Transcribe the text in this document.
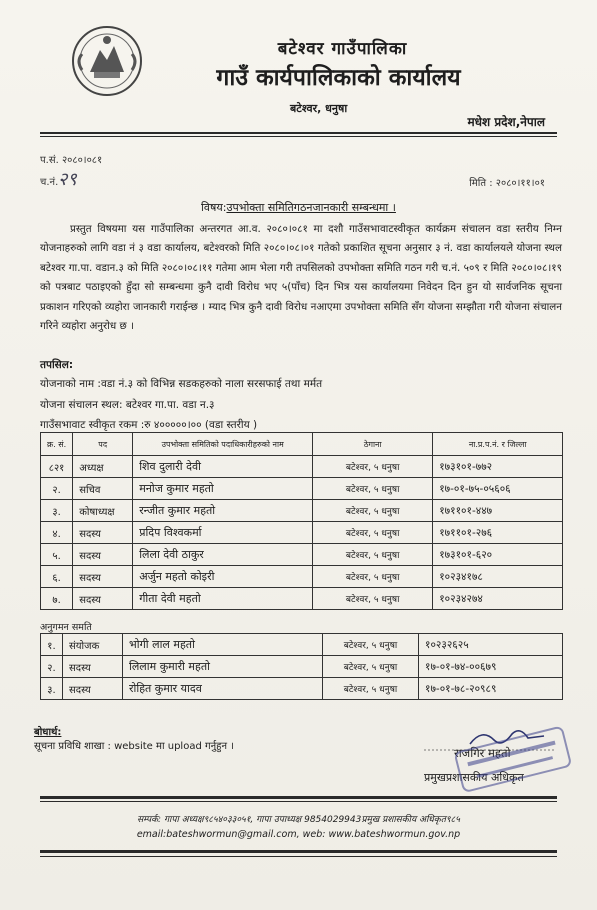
बटेश्वर गाउँपालिका
गाउँ कार्यपालिकाको कार्यालय
बटेश्वर, धनुषा
मधेश प्रदेश,नेपाल
प.सं. २०८०।०८१
च.नं. २९	मिति : २०८०।११।०१
विषय:उपभोक्ता समितिगठनजानकारी सम्बन्धमा ।
प्रस्तुत विषयमा यस गाउँपालिका अन्तरगत आ.व. २०८०।०८१ मा दशौ गाउँसभावाटस्वीकृत कार्यक्रम संचालन वडा स्तरीय निम्न योजनाहरुको लागि वडा नं ३ वडा कार्यालय, बटेश्वरको मिति २०८०।०८।०१ गतेको प्रकाशित सूचना अनुसार ३ नं. वडा कार्यालयले योजना स्थल बटेश्वर गा.पा. वडान.३ को मिति २०८०।०८।११ गतेमा आम भेला गरी तपसिलको उपभोक्ता समिति गठन गरी च.नं. ५०९ र मिति २०८०।०८।१९ को पत्रबाट पठाइएको हुँदा सो सम्बन्धमा कुनै दावी विरोध भए ५(पाँच) दिन भित्र यस कार्यालयमा निवेदन दिन हुन यो सार्वजनिक सूचना प्रकाशन गरिएको व्यहोरा जानकारी गराईन्छ । म्याद भित्र कुनै दावी विरोध नआएमा उपभोक्ता समिति सँग योजना सम्झौता गरी योजना संचालन गरिने व्यहोरा अनुरोध छ ।
तपसिल:
योजनाको नाम :वडा नं.३ को विभिन्न सडकहरुको नाला सरसफाई तथा मर्मत
योजना संचालन स्थल: बटेश्वर गा.पा. वडा न.३
गाउँसभावाट स्वीकृत रकम :रु ४०००००।०० (वडा स्तरीय )
क्र. सं.	पद	उपभोक्ता समितिको पदाधिकारीहरुको नाम	ठेगाना	ना.प्र.प.नं. र जिल्ला
८२१	अध्यक्ष	शिव दुलारी देवी	बटेश्वर, ५ धनुषा	१७३१०१-७७२
२.	सचिव	मनोज कुमार महतो	बटेश्वर, ५ धनुषा	१७-०१-७५-०५६०६
३.	कोषाध्यक्ष	रन्जीत कुमार महतो	बटेश्वर, ५ धनुषा	१७११०१-४४७
४.	सदस्य	प्रदिप विश्वकर्मा	बटेश्वर, ५ धनुषा	१७११०१-२७६
५.	सदस्य	लिला देवी ठाकुर	बटेश्वर, ५ धनुषा	१७३१०१-६२०
६.	सदस्य	अर्जुन महतो कोइरी	बटेश्वर, ५ धनुषा	१०२३४१७८
७.	सदस्य	गीता देवी महतो	बटेश्वर, ५ धनुषा	१०२३४२७४
अनुगमन समति
१.	संयोजक	भोगी लाल महतो	बटेश्वर, ५ धनुषा	१०२३२६२५
२.	सदस्य	लिलाम कुमारी महतो	बटेश्वर, ५ धनुषा	१७-०१-७४-००६७९
३.	सदस्य	रोहित कुमार यादव	बटेश्वर, ५ धनुषा	१७-०१-७८-२०९८९
बोधार्थ:
सूचना प्रविधि शाखा : website मा upload गर्नुहुन ।	राजगिर महतो
प्रमुखप्रशासकीय अधिकृत
सम्पर्क: गापा अध्यक्ष९८५४०३३०५१, गापा उपाध्यक्ष 9854029943प्रमुख प्रशासकीय अधिकृत९८५
email:bateshwormun@gmail.com, web: www.bateshwormun.gov.np
